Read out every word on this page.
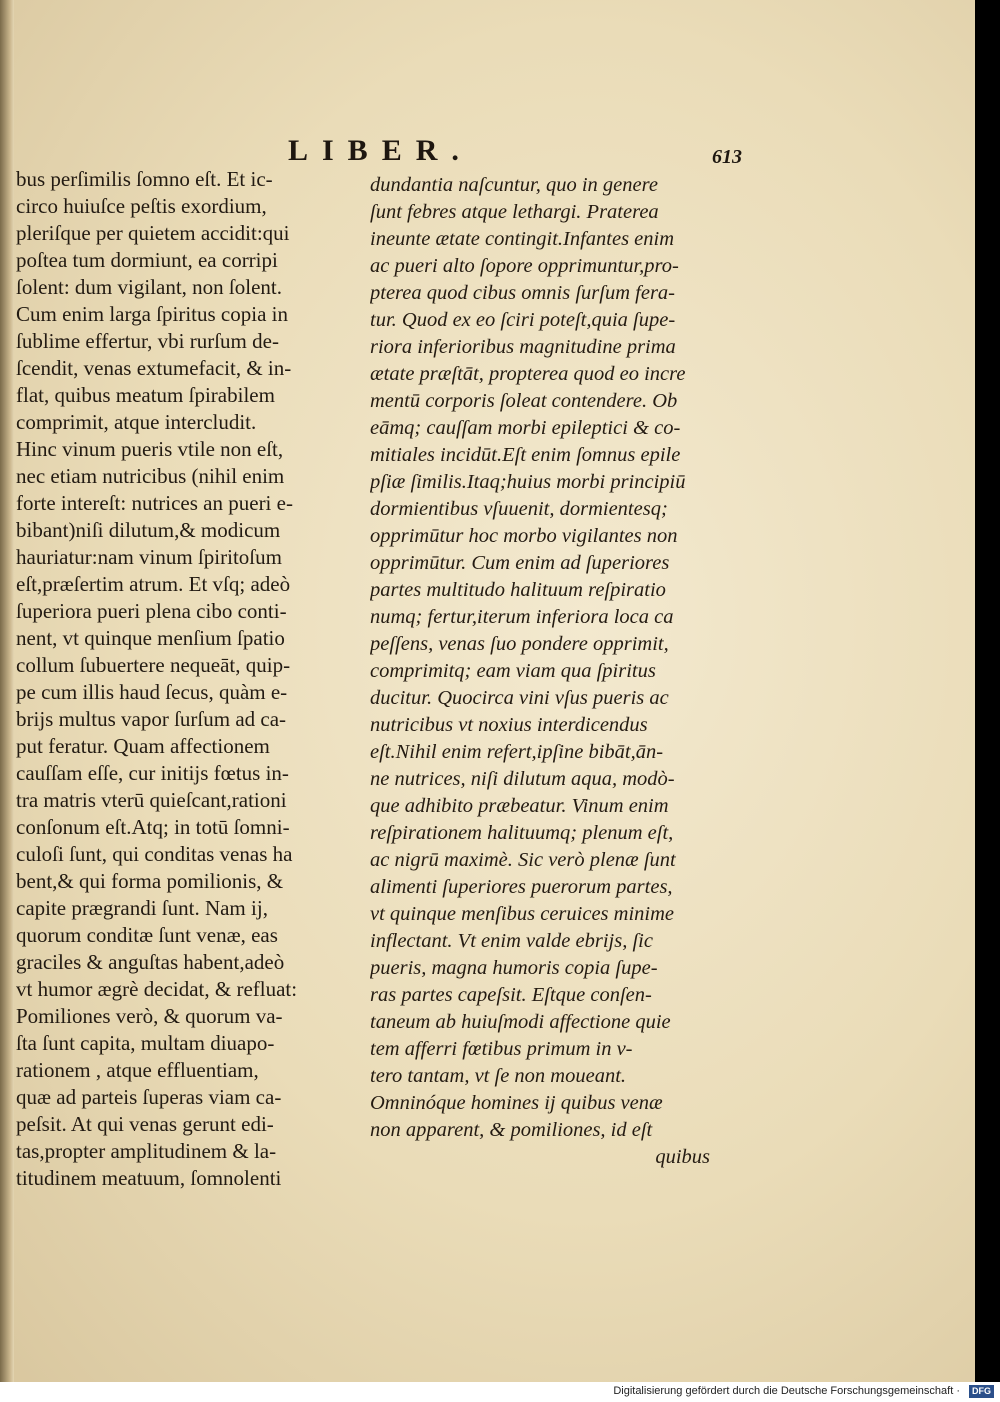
LIBER.	613
bus perſimilis ſomno eſt. Et ic-
circo huiuſce peſtis exordium,
pleriſque per quietem accidit:qui
poſtea tum dormiunt, ea corripi
ſolent: dum vigilant, non ſolent.
Cum enim larga ſpiritus copia in
ſublime effertur, vbi rurſum de-
ſcendit, venas extumefacit, & in-
flat, quibus meatum ſpirabilem
comprimit, atque intercludit.
Hinc vinum pueris vtile non eſt,
nec etiam nutricibus (nihil enim
forte intereſt: nutrices an pueri e-
bibant)niſi dilutum,& modicum
hauriatur:nam vinum ſpiritoſum
eſt,præſertim atrum. Et vſq; adeò
ſuperiora pueri plena cibo conti-
nent, vt quinque menſium ſpatio
collum ſubuertere nequeāt, quip-
pe cum illis haud ſecus, quàm e-
brijs multus vapor ſurſum ad ca-
put feratur. Quam affectionem
cauſſam eſſe, cur initijs fœtus in-
tra matris vterū quieſcant,rationi
conſonum eſt.Atq; in totū ſomni-
culoſi ſunt, qui conditas venas ha
bent,& qui forma pomilionis, &
capite prægrandi ſunt. Nam ij,
quorum conditæ ſunt venæ, eas
graciles & anguſtas habent,adeò
vt humor ægrè decidat, & refluat:
Pomiliones verò, & quorum va-
ſta ſunt capita, multam diuapo-
rationem , atque effluentiam,
quæ ad parteis ſuperas viam ca-
peſsit. At qui venas gerunt edi-
tas,propter amplitudinem & la-
titudinem meatuum, ſomnolenti
dundantia naſcuntur, quo in genere
ſunt febres atque lethargi. Praterea
ineunte ætate contingit.Infantes enim
ac pueri alto ſopore opprimuntur,pro-
pterea quod cibus omnis ſurſum fera-
tur. Quod ex eo ſciri poteſt,quia ſupe-
riora inferioribus magnitudine prima
ætate præſtāt, propterea quod eo incre
mentū corporis ſoleat contendere. Ob
eāmq; cauſſam morbi epileptici & co-
mitiales incidūt.Eſt enim ſomnus epile
pſiæ ſimilis.Itaq;huius morbi principiū
dormientibus vſuuenit, dormientesq;
opprimūtur hoc morbo vigilantes non
opprimūtur. Cum enim ad ſuperiores
partes multitudo halituum reſpiratio
numq; fertur,iterum inferiora loca ca
peſſens, venas ſuo pondere opprimit,
comprimitq; eam viam qua ſpiritus
ducitur. Quocirca vini vſus pueris ac
nutricibus vt noxius interdicendus
eſt.Nihil enim refert,ipſine bibāt,ān-
ne nutrices, niſi dilutum aqua, modò-
que adhibito præbeatur. Vinum enim
reſpirationem halituumq; plenum eſt,
ac nigrū maximè. Sic verò plenæ ſunt
alimenti ſuperiores puerorum partes,
vt quinque menſibus ceruices minime
inflectant. Vt enim valde ebrijs, ſic
pueris, magna humoris copia ſupe-
ras partes capeſsit. Eſtque conſen-
taneum ab huiuſmodi affectione quie
tem afferri fœtibus primum in v-
tero tantam, vt ſe non moueant.
Omninóque homines ij quibus venæ
non apparent, & pomiliones, id eſt
quibus
Digitalisierung gefördert durch die Deutsche Forschungsgemeinschaft ·	DFG
